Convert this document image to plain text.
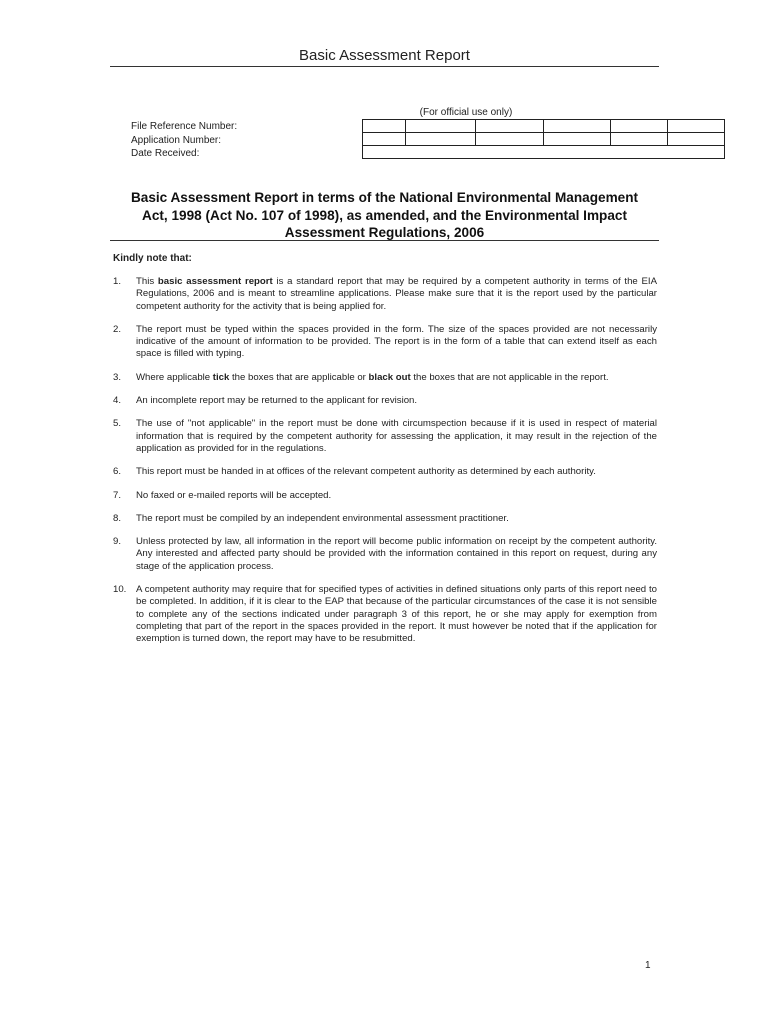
Basic Assessment Report
(For official use only)
File Reference Number:
Application Number:
Date Received:

Basic Assessment Report in terms of the National Environmental Management
Act, 1998 (Act No. 107 of 1998), as amended, and the Environmental Impact
Assessment Regulations, 2006
Kindly note that:
1.	This basic assessment report is a standard report that may be required by a competent authority in terms of the EIA Regulations, 2006 and is meant to streamline applications. Please make sure that it is the report used by the particular competent authority for the activity that is being applied for.
2.	The report must be typed within the spaces provided in the form. The size of the spaces provided are not necessarily indicative of the amount of information to be provided. The report is in the form of a table that can extend itself as each space is filled with typing.
3.	Where applicable tick the boxes that are applicable or black out the boxes that are not applicable in the report.
4.	An incomplete report may be returned to the applicant for revision.
5.	The use of "not applicable" in the report must be done with circumspection because if it is used in respect of material information that is required by the competent authority for assessing the application, it may result in the rejection of the application as provided for in the regulations.
6.	This report must be handed in at offices of the relevant competent authority as determined by each authority.
7.	No faxed or e-mailed reports will be accepted.
8.	The report must be compiled by an independent environmental assessment practitioner.
9.	Unless protected by law, all information in the report will become public information on receipt by the competent authority. Any interested and affected party should be provided with the information contained in this report on request, during any stage of the application process.
10.	A competent authority may require that for specified types of activities in defined situations only parts of this report need to be completed. In addition, if it is clear to the EAP that because of the particular circumstances of the case it is not sensible to complete any of the sections indicated under paragraph 3 of this report, he or she may apply for exemption from completing that part of the report in the spaces provided in the report. It must however be noted that if the application for exemption is turned down, the report may have to be resubmitted.
1
